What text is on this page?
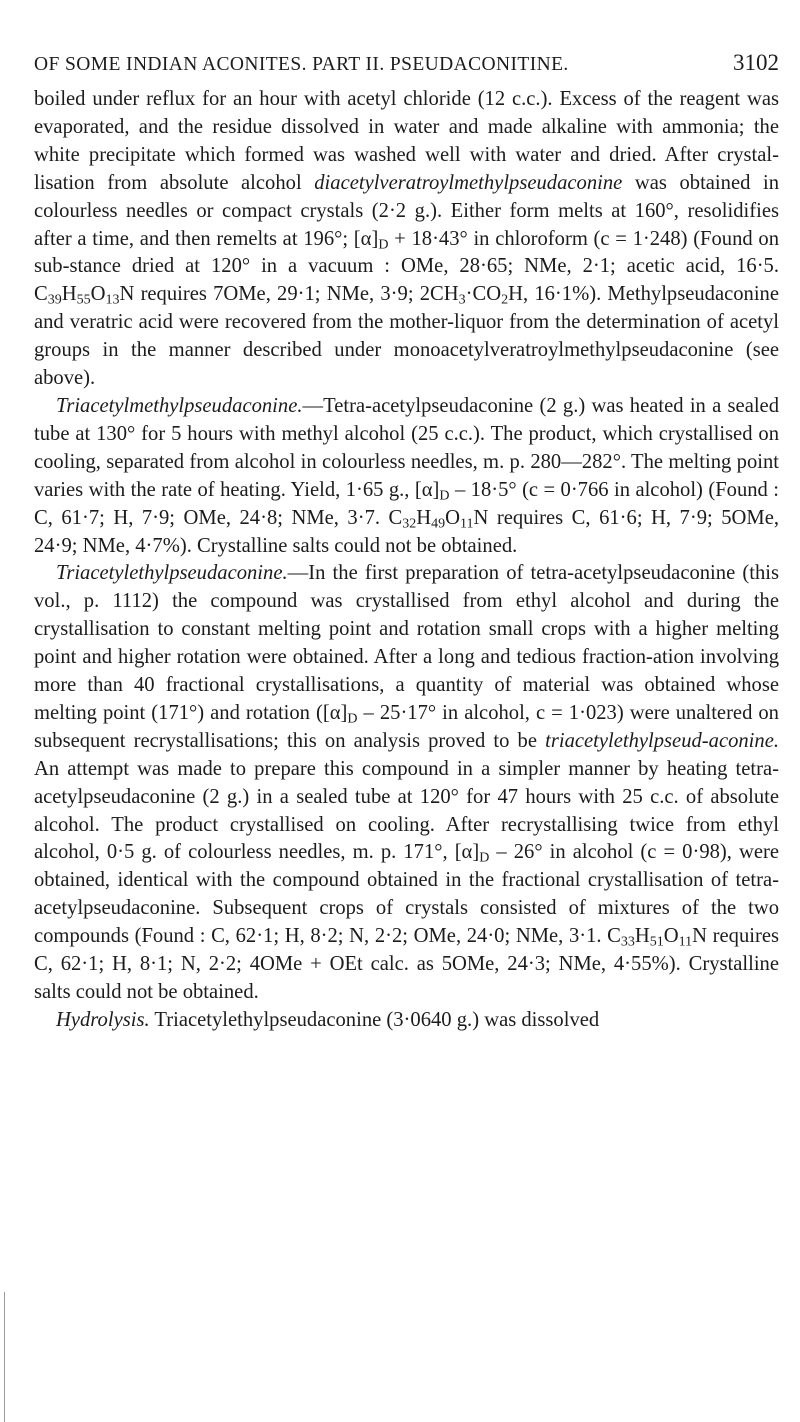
OF SOME INDIAN ACONITES. PART II. PSEUDACONITINE.	3102

boiled under reflux for an hour with acetyl chloride (12 c.c.). Excess of the reagent was evaporated, and the residue dissolved in water and made alkaline with ammonia; the white precipitate which formed was washed well with water and dried. After crystal-lisation from absolute alcohol diacetylveratroylmethylpseudaconine was obtained in colourless needles or compact crystals (2·2 g.). Either form melts at 160°, resolidifies after a time, and then remelts at 196°; $[\alpha]_D + 18\cdot 43^\circ$ in chloroform (c = 1·248) (Found on sub-stance dried at 120° in a vacuum : OMe, 28·65; NMe, 2·1; acetic acid, 16·5. $C_{39}H_{55}O_{13}N$ requires 7OMe, 29·1; NMe, 3·9; $2CH_3\cdot CO_2H$, 16·1%). Methylpseudaconine and veratric acid were recovered from the mother-liquor from the determination of acetyl groups in the manner described under monoacetylveratroylmethylpseudaconine (see above).

Triacetylmethylpseudaconine.—Tetra-acetylpseudaconine (2 g.) was heated in a sealed tube at 130° for 5 hours with methyl alcohol (25 c.c.). The product, which crystallised on cooling, separated from alcohol in colourless needles, m. p. 280—282°. The melting point varies with the rate of heating. Yield, 1·65 g., $[\alpha]_D - 18\cdot 5^\circ$ (c = 0·766 in alcohol) (Found : C, 61·7; H, 7·9; OMe, 24·8; NMe, 3·7. $C_{32}H_{49}O_{11}N$ requires C, 61·6; H, 7·9; 5OMe, 24·9; NMe, 4·7%). Crystalline salts could not be obtained.

Triacetylethylpseudaconine.—In the first preparation of tetra-acetylpseudaconine (this vol., p. 1112) the compound was crystallised from ethyl alcohol and during the crystallisation to constant melting point and rotation small crops with a higher melting point and higher rotation were obtained. After a long and tedious fraction-ation involving more than 40 fractional crystallisations, a quantity of material was obtained whose melting point (171°) and rotation ($[\alpha]_D - 25\cdot 17^\circ$ in alcohol, c = 1·023) were unaltered on subsequent recrystallisations; this on analysis proved to be triacetylethylpseud-aconine. An attempt was made to prepare this compound in a simpler manner by heating tetra-acetylpseudaconine (2 g.) in a sealed tube at 120° for 47 hours with 25 c.c. of absolute alcohol. The product crystallised on cooling. After recrystallising twice from ethyl alcohol, 0·5 g. of colourless needles, m. p. 171°, $[\alpha]_D - 26^\circ$ in alcohol (c = 0·98), were obtained, identical with the compound obtained in the fractional crystallisation of tetra-acetylpseudaconine. Subsequent crops of crystals consisted of mixtures of the two compounds (Found : C, 62·1; H, 8·2; N, 2·2; OMe, 24·0; NMe, 3·1. $C_{33}H_{51}O_{11}N$ requires C, 62·1; H, 8·1; N, 2·2; 4OMe + OEt calc. as 5OMe, 24·3; NMe, 4·55%). Crystalline salts could not be obtained.

Hydrolysis. Triacetylethylpseudaconine (3·0640 g.) was dissolved
